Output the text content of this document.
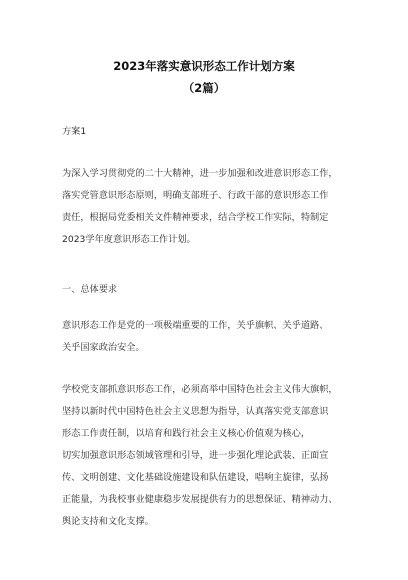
2023年落实意识形态工作计划方案
（2篇）
方案1
为深入学习贯彻党的二十大精神，进一步加强和改进意识形态工作，
落实党管意识形态原则，明确支部班子、行政干部的意识形态工作
责任，根据局党委相关文件精神要求，结合学校工作实际，特制定
2023学年度意识形态工作计划。
一、总体要求
意识形态工作是党的一项极端重要的工作，关乎旗帜、关乎道路、
关乎国家政治安全。
学校党支部抓意识形态工作，必须高举中国特色社会主义伟大旗帜，
坚持以新时代中国特色社会主义思想为指导，认真落实党支部意识
形态工作责任制，以培育和践行社会主义核心价值观为核心，
切实加强意识形态领域管理和引导，进一步强化理论武装、正面宣
传、文明创建、文化基础设施建设和队伍建设，唱响主旋律，弘扬
正能量，为我校事业健康稳步发展提供有力的思想保证、精神动力、
舆论支持和文化支撑。
